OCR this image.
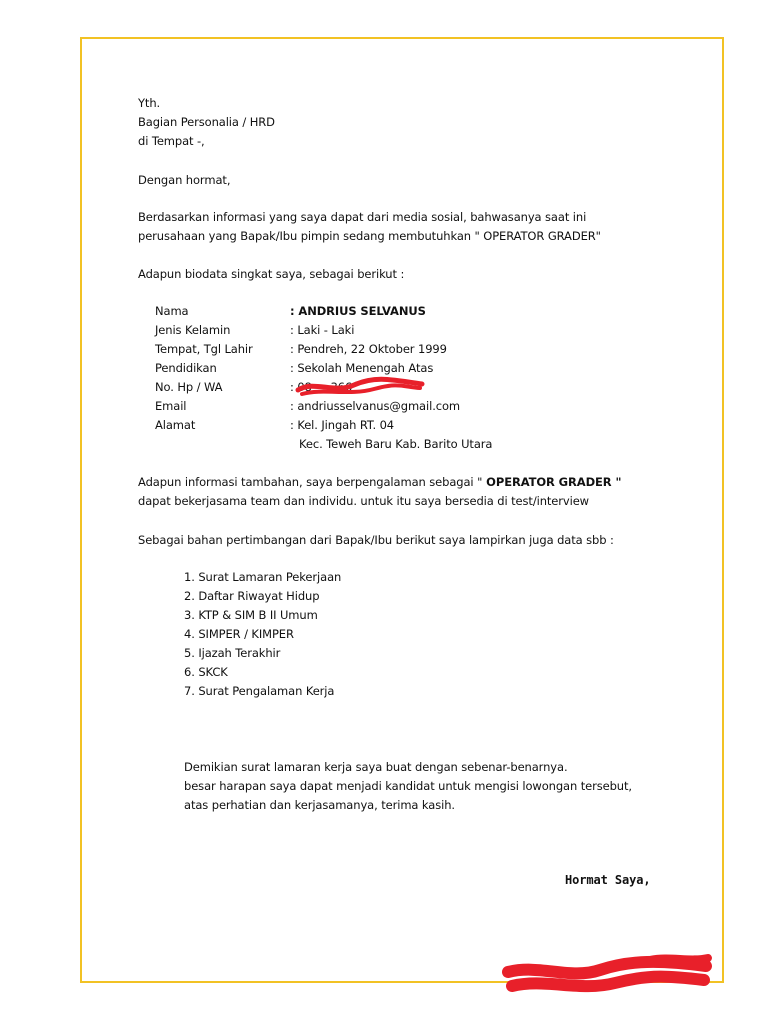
Yth.
Bagian Personalia / HRD
di Tempat -,
Dengan hormat,
Berdasarkan informasi yang saya dapat dari media sosial, bahwasanya saat ini
perusahaan yang Bapak/Ibu pimpin sedang membutuhkan " OPERATOR GRADER"
Adapun biodata singkat saya, sebagai berikut :
Nama	: ANDRIUS SELVANUS
Jenis Kelamin	: Laki - Laki
Tempat, Tgl Lahir	: Pendreh, 22 Oktober 1999
Pendidikan	: Sekolah Menengah Atas
No. Hp / WA	: 08 - - 366
Email	: andriusselvanus@gmail.com
Alamat	: Kel. Jingah RT. 04
Kec. Teweh Baru Kab. Barito Utara
Adapun informasi tambahan, saya berpengalaman sebagai " OPERATOR GRADER "
dapat bekerjasama team dan individu. untuk itu saya bersedia di test/interview
Sebagai bahan pertimbangan dari Bapak/Ibu berikut saya lampirkan juga data sbb :
1. Surat Lamaran Pekerjaan
2. Daftar Riwayat Hidup
3. KTP & SIM B II Umum
4. SIMPER / KIMPER
5. Ijazah Terakhir
6. SKCK
7. Surat Pengalaman Kerja
Demikian surat lamaran kerja saya buat dengan sebenar-benarnya.
besar harapan saya dapat menjadi kandidat untuk mengisi lowongan tersebut,
atas perhatian dan kerjasamanya, terima kasih.
Hormat Saya,
